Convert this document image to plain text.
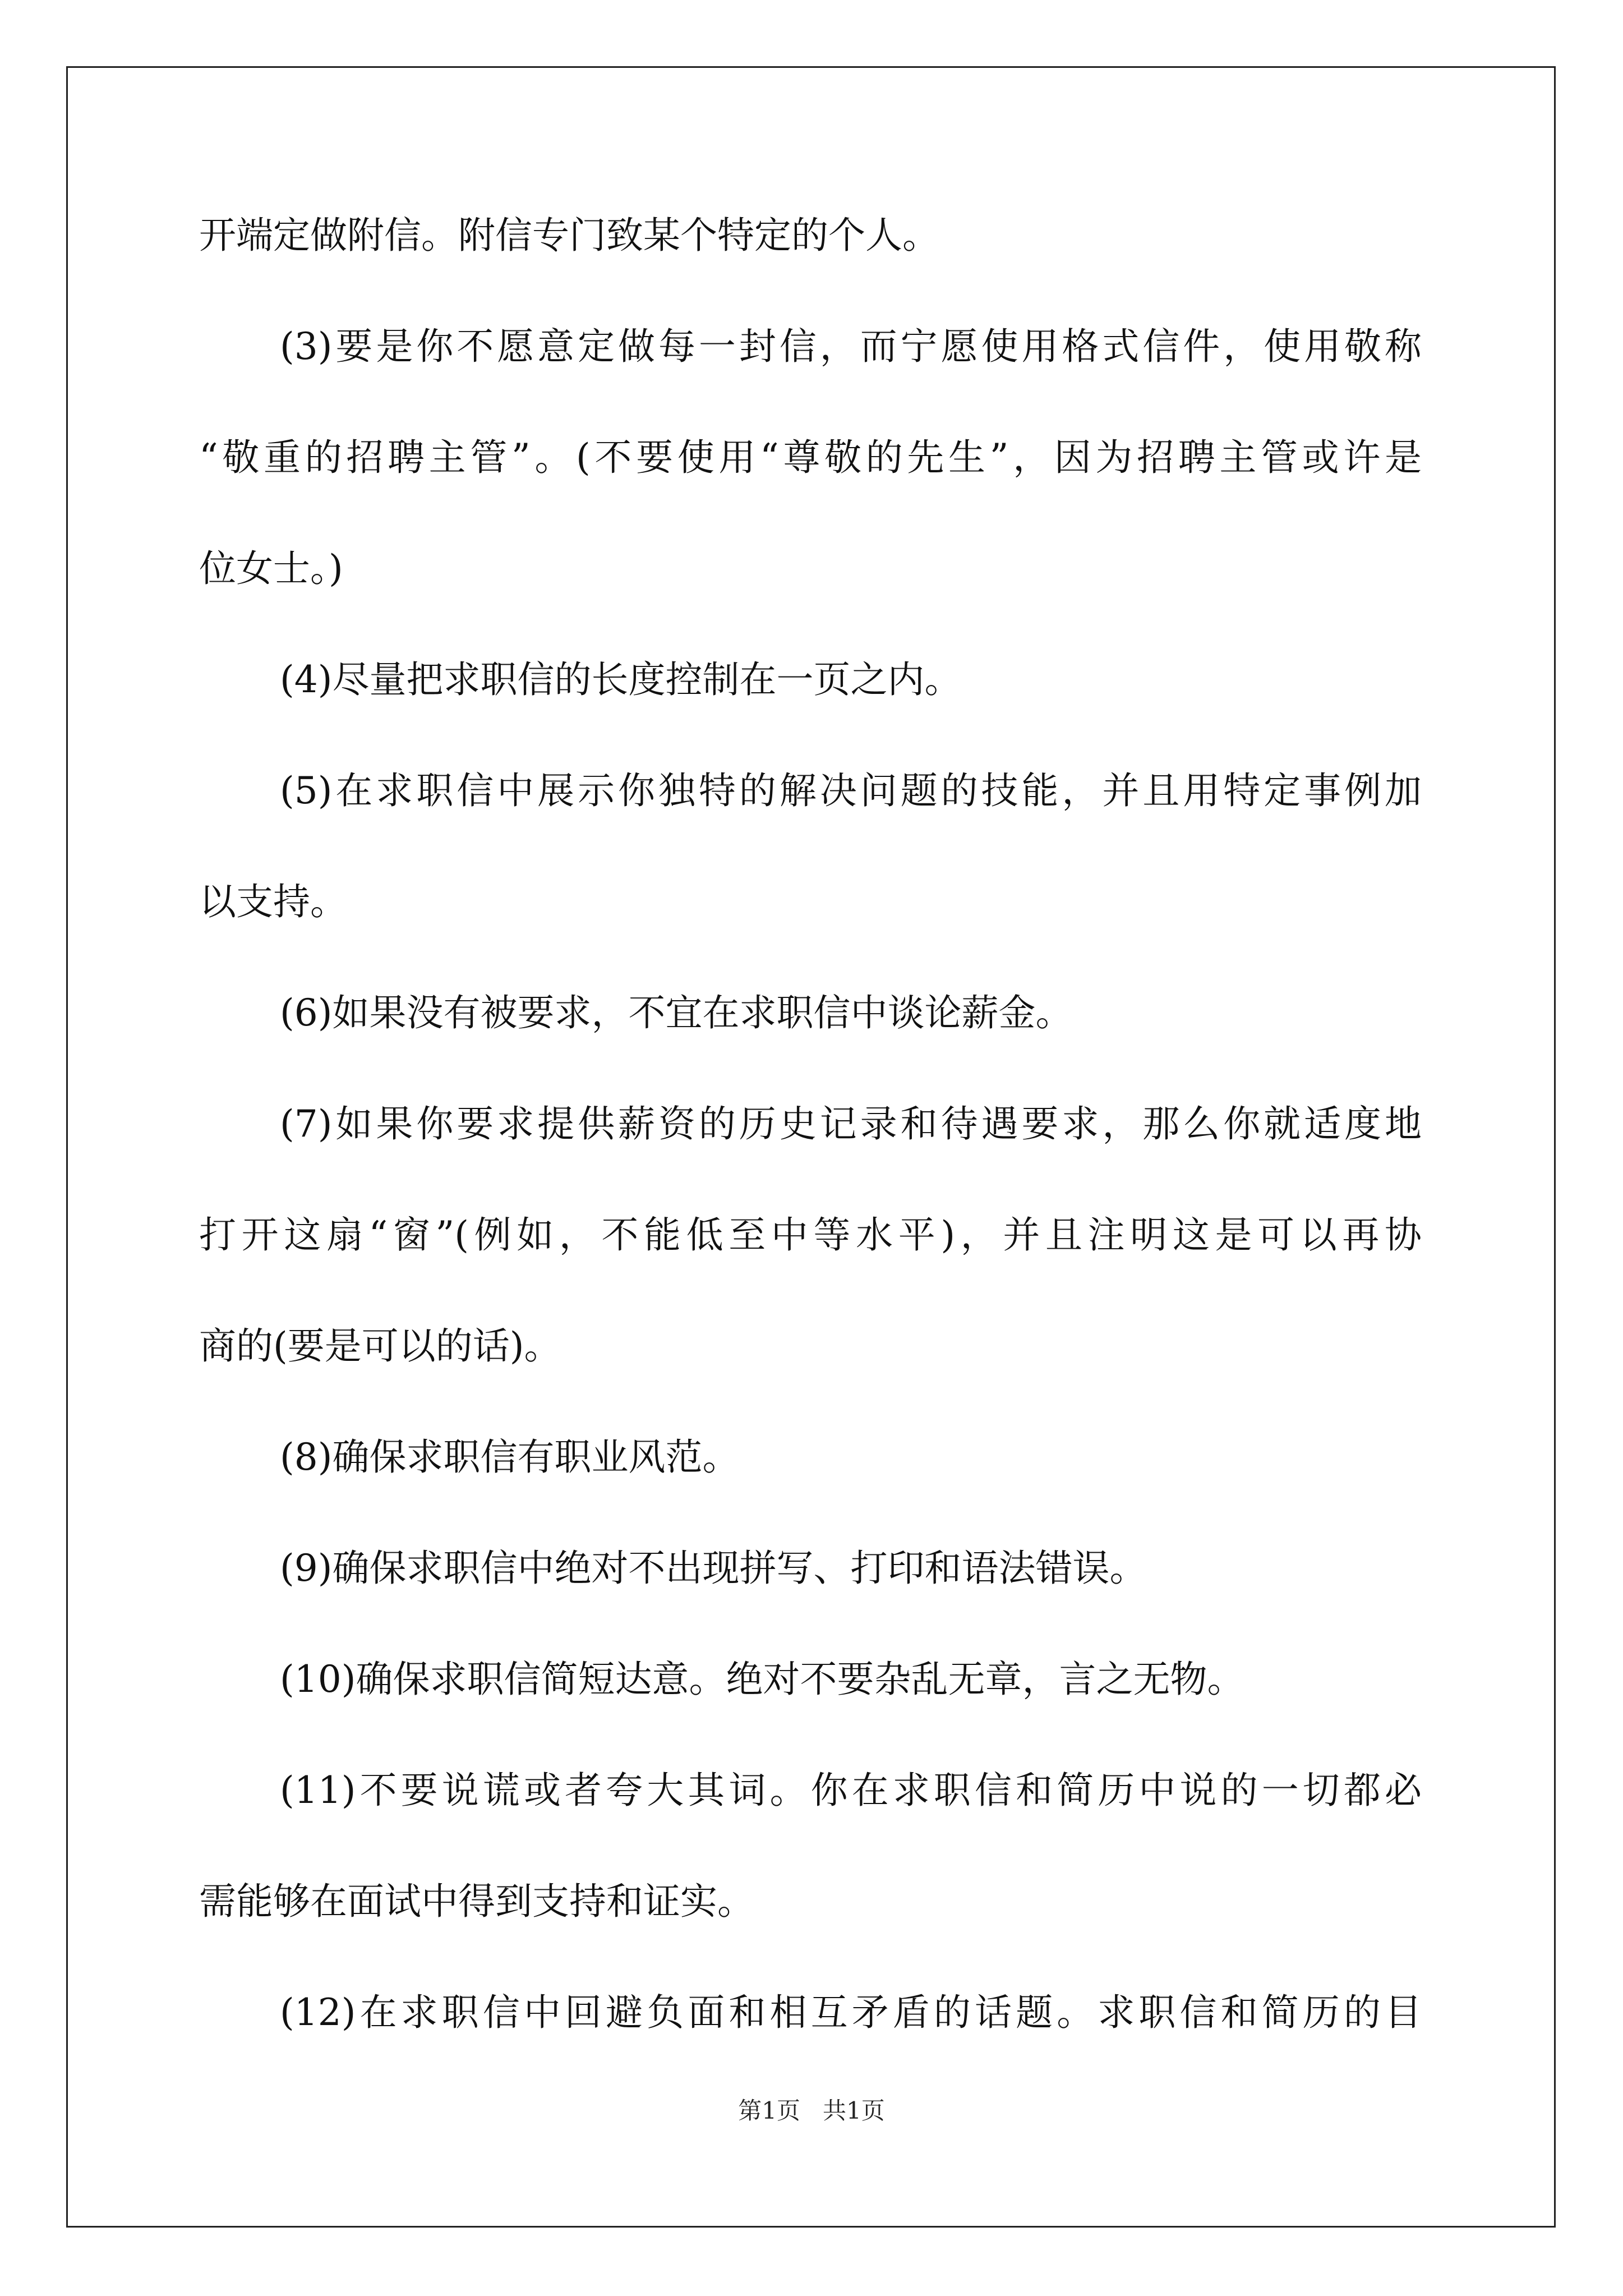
开端定做附信。附信专门致某个特定的个人。
(3)要是你不愿意定做每一封信，而宁愿使用格式信件，使用敬称
“敬重的招聘主管”。(不要使用“尊敬的先生”，因为招聘主管或许是
位女士。)
(4)尽量把求职信的长度控制在一页之内。
(5)在求职信中展示你独特的解决问题的技能，并且用特定事例加
以支持。
(6)如果没有被要求，不宜在求职信中谈论薪金。
(7)如果你要求提供薪资的历史记录和待遇要求，那么你就适度地
打开这扇“窗”(例如，不能低至中等水平)，并且注明这是可以再协
商的(要是可以的话)。
(8)确保求职信有职业风范。
(9)确保求职信中绝对不出现拼写、打印和语法错误。
(10)确保求职信简短达意。绝对不要杂乱无章，言之无物。
(11)不要说谎或者夸大其词。你在求职信和简历中说的一切都必
需能够在面试中得到支持和证实。
(12)在求职信中回避负面和相互矛盾的话题。求职信和简历的目
第1页   共1页
